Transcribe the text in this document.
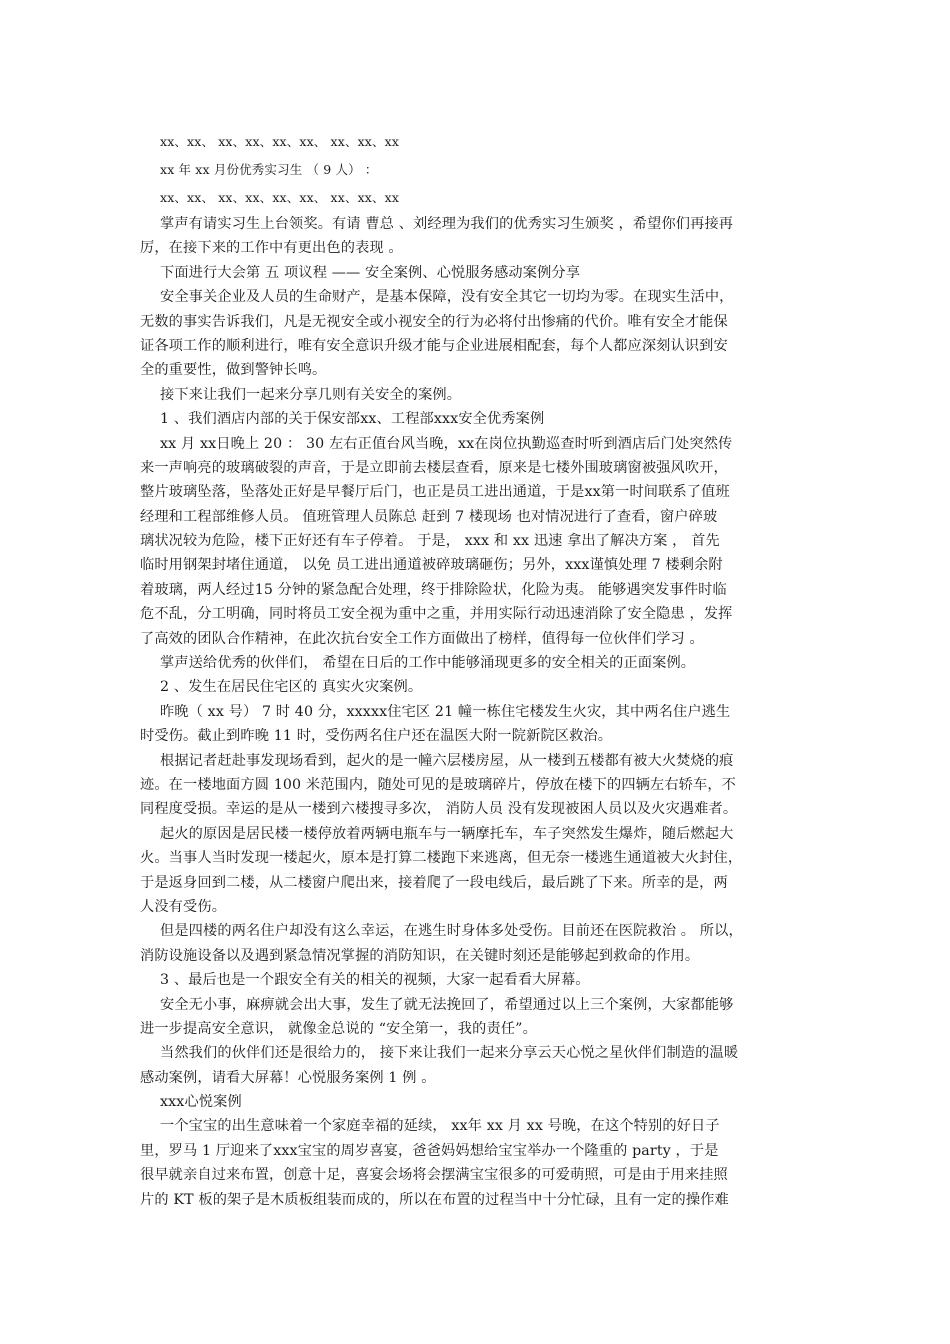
xx、xx、 xx、xx、xx、xx、 xx、xx、xx
xx 年 xx 月份优秀实习生 （ 9 人） ：
xx、xx、 xx、xx、xx、xx、 xx、xx、xx
掌声有请实习生上台领奖。有请 曹总 、刘经理为我们的优秀实习生颁奖 ，希望你们再接再
厉，在接下来的工作中有更出色的表现 。
下面进行大会第 五 项议程 —— 安全案例、心悦服务感动案例分享
安全事关企业及人员的生命财产，是基本保障，没有安全其它一切均为零。在现实生活中，
无数的事实告诉我们，凡是无视安全或小视安全的行为必将付出惨痛的代价。唯有安全才能保
证各项工作的顺利进行，唯有安全意识升级才能与企业进展相配套，每个人都应深刻认识到安
全的重要性，做到警钟长鸣。
接下来让我们一起来分享几则有关安全的案例。
1 、我们酒店内部的关于保安部xx、工程部xxx安全优秀案例
xx 月 xx日晚上 20 ： 30 左右正值台风当晚，xx在岗位执勤巡查时听到酒店后门处突然传
来一声响亮的玻璃破裂的声音，于是立即前去楼层查看，原来是七楼外围玻璃窗被强风吹开，
整片玻璃坠落，坠落处正好是早餐厅后门，也正是员工进出通道，于是xx第一时间联系了值班
经理和工程部维修人员。 值班管理人员陈总 赶到 7 楼现场 也对情况进行了查看，窗户碎玻
璃状况较为危险，楼下正好还有车子停着。 于是， xxx 和 xx 迅速 拿出了解决方案 ， 首先
临时用钢架封堵住通道， 以免 员工进出通道被碎玻璃砸伤；另外，xxx谨慎处理 7 楼剩余附
着玻璃，两人经过15 分钟的紧急配合处理，终于排除险状，化险为夷。 能够遇突发事件时临
危不乱，分工明确，同时将员工安全视为重中之重，并用实际行动迅速消除了安全隐患 ，发挥
了高效的团队合作精神，在此次抗台安全工作方面做出了榜样，值得每一位伙伴们学习 。
掌声送给优秀的伙伴们， 希望在日后的工作中能够涌现更多的安全相关的正面案例。
2 、发生在居民住宅区的 真实火灾案例。
昨晚（ xx 号） 7 时 40 分，xxxxx住宅区 21 幢一栋住宅楼发生火灾，其中两名住户逃生
时受伤。截止到昨晚 11 时，受伤两名住户还在温医大附一院新院区救治。
根据记者赶赴事发现场看到，起火的是一幢六层楼房屋，从一楼到五楼都有被大火焚烧的痕
迹。在一楼地面方圆 100 米范围内，随处可见的是玻璃碎片，停放在楼下的四辆左右轿车，不
同程度受损。幸运的是从一楼到六楼搜寻多次， 消防人员 没有发现被困人员以及火灾遇难者。
起火的原因是居民楼一楼停放着两辆电瓶车与一辆摩托车，车子突然发生爆炸，随后燃起大
火。当事人当时发现一楼起火，原本是打算二楼跑下来逃离，但无奈一楼逃生通道被大火封住，
于是返身回到二楼，从二楼窗户爬出来，接着爬了一段电线后，最后跳了下来。所幸的是，两
人没有受伤。
但是四楼的两名住户却没有这么幸运，在逃生时身体多处受伤。目前还在医院救治 。 所以，
消防设施设备以及遇到紧急情况掌握的消防知识，在关键时刻还是能够起到救命的作用。
3 、最后也是一个跟安全有关的相关的视频，大家一起看看大屏幕。
安全无小事，麻痹就会出大事，发生了就无法挽回了，希望通过以上三个案例，大家都能够
进一步提高安全意识， 就像金总说的 “安全第一，我的责任”。
当然我们的伙伴们还是很给力的， 接下来让我们一起来分享云天心悦之星伙伴们制造的温暖
感动案例，请看大屏幕！心悦服务案例 1 例 。
xxx心悦案例
一个宝宝的出生意味着一个家庭幸福的延续， xx年 xx 月 xx 号晚，在这个特别的好日子
里，罗马 1 厅迎来了xxx宝宝的周岁喜宴，爸爸妈妈想给宝宝举办一个隆重的 party ，于是
很早就亲自过来布置，创意十足，喜宴会场将会摆满宝宝很多的可爱萌照，可是由于用来挂照
片的 KT 板的架子是木质板组装而成的，所以在布置的过程当中十分忙碌，且有一定的操作难
